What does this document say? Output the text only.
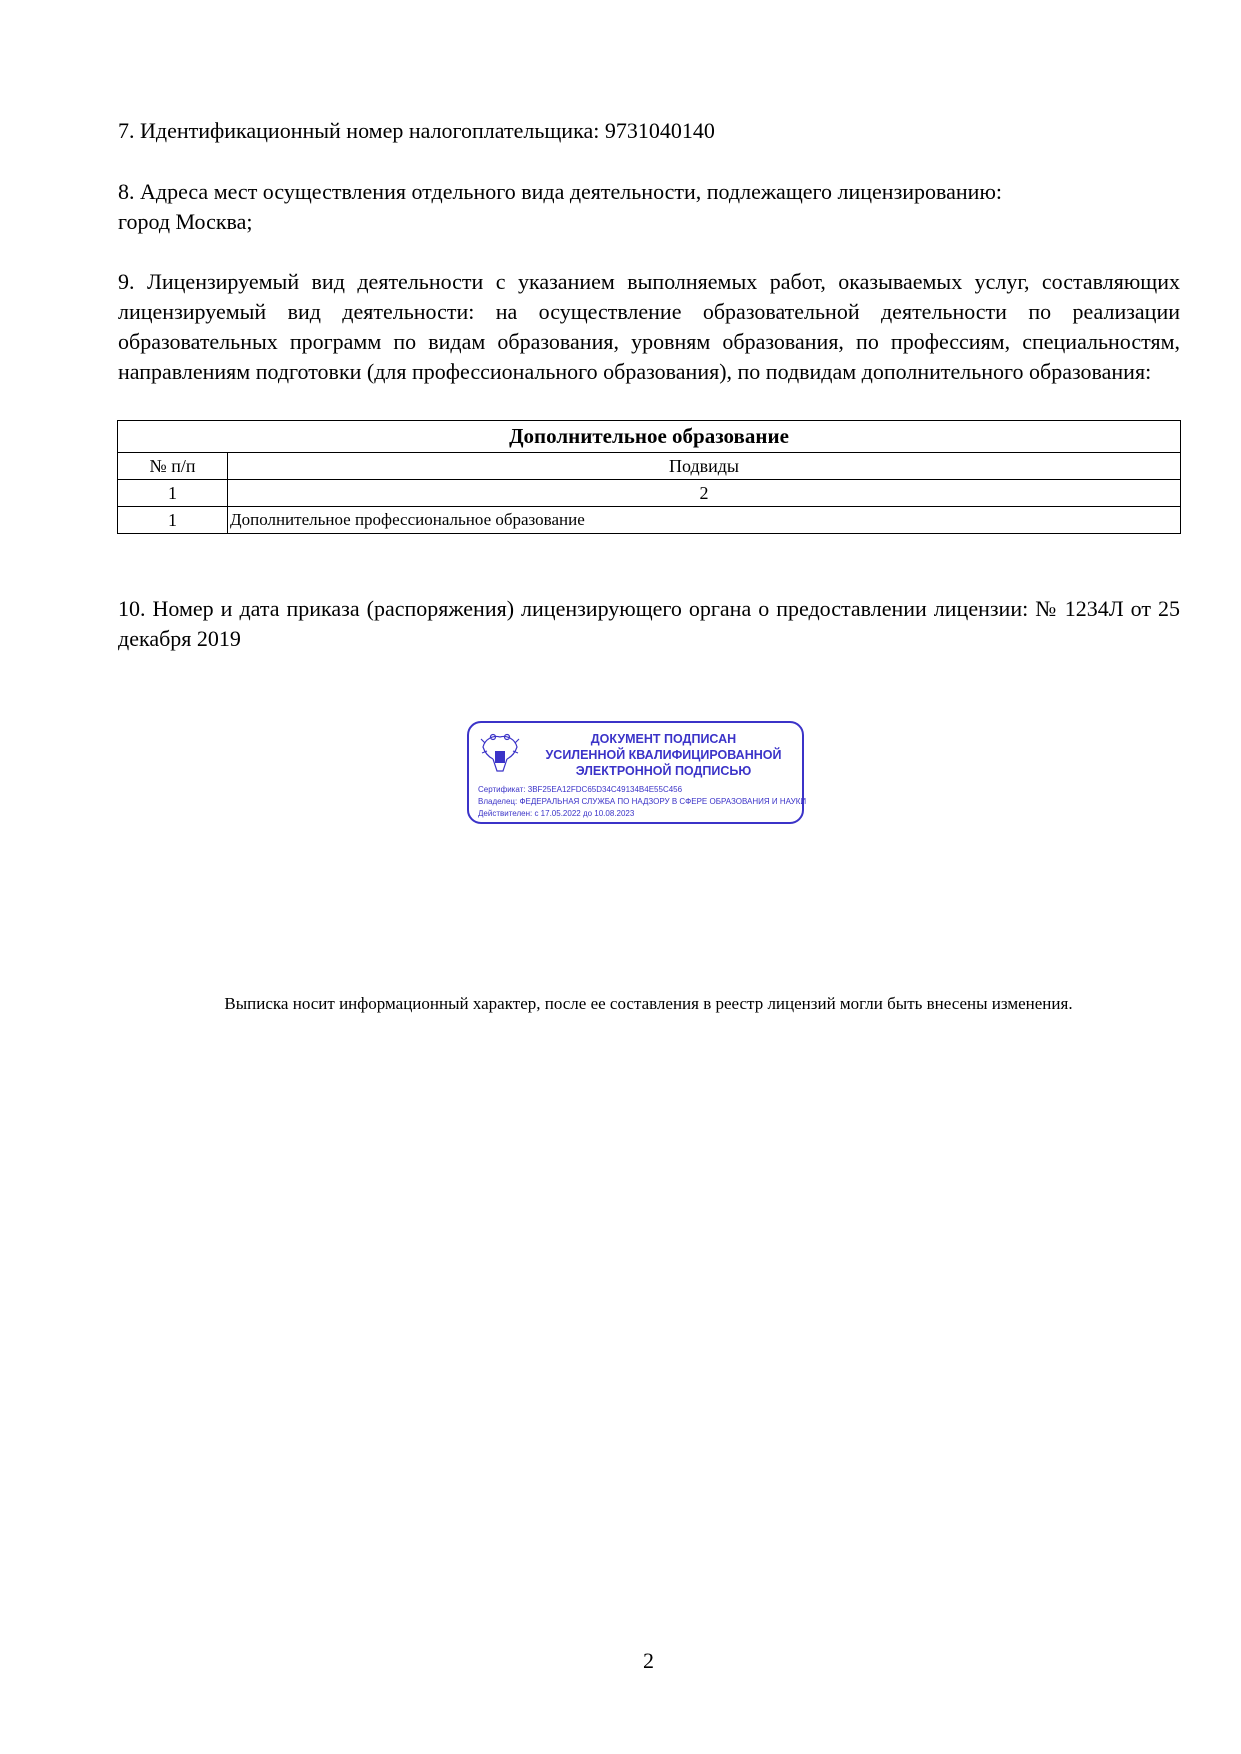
7. Идентификационный номер налогоплательщика: 9731040140
8. Адреса мест осуществления отдельного вида деятельности, подлежащего лицензированию:
город Москва;
9. Лицензируемый вид деятельности с указанием выполняемых работ, оказываемых услуг, составляющих лицензируемый вид деятельности: на осуществление образовательной деятельности по реализации образовательных программ по видам образования, уровням образования, по профессиям, специальностям, направлениям подготовки (для профессионального образования), по подвидам дополнительного образования:
Дополнительное образование	
№ п/п	Подвиды
1	2
1	Дополнительное профессиональное образование
10. Номер и дата приказа (распоряжения) лицензирующего органа о предоставлении лицензии: № 1234Л от 25 декабря 2019
ДОКУМЕНТ ПОДПИСАН
УСИЛЕННОЙ КВАЛИФИЦИРОВАННОЙ
ЭЛЕКТРОННОЙ ПОДПИСЬЮ
Сертификат: 3BF25EA12FDC65D34C49134B4E55C456
Владелец: ФЕДЕРАЛЬНАЯ СЛУЖБА ПО НАДЗОРУ В СФЕРЕ ОБРАЗОВАНИЯ И НАУКИ
Действителен: с 17.05.2022 до 10.08.2023
Выписка носит информационный характер, после ее составления в реестр лицензий могли быть внесены изменения.
2
